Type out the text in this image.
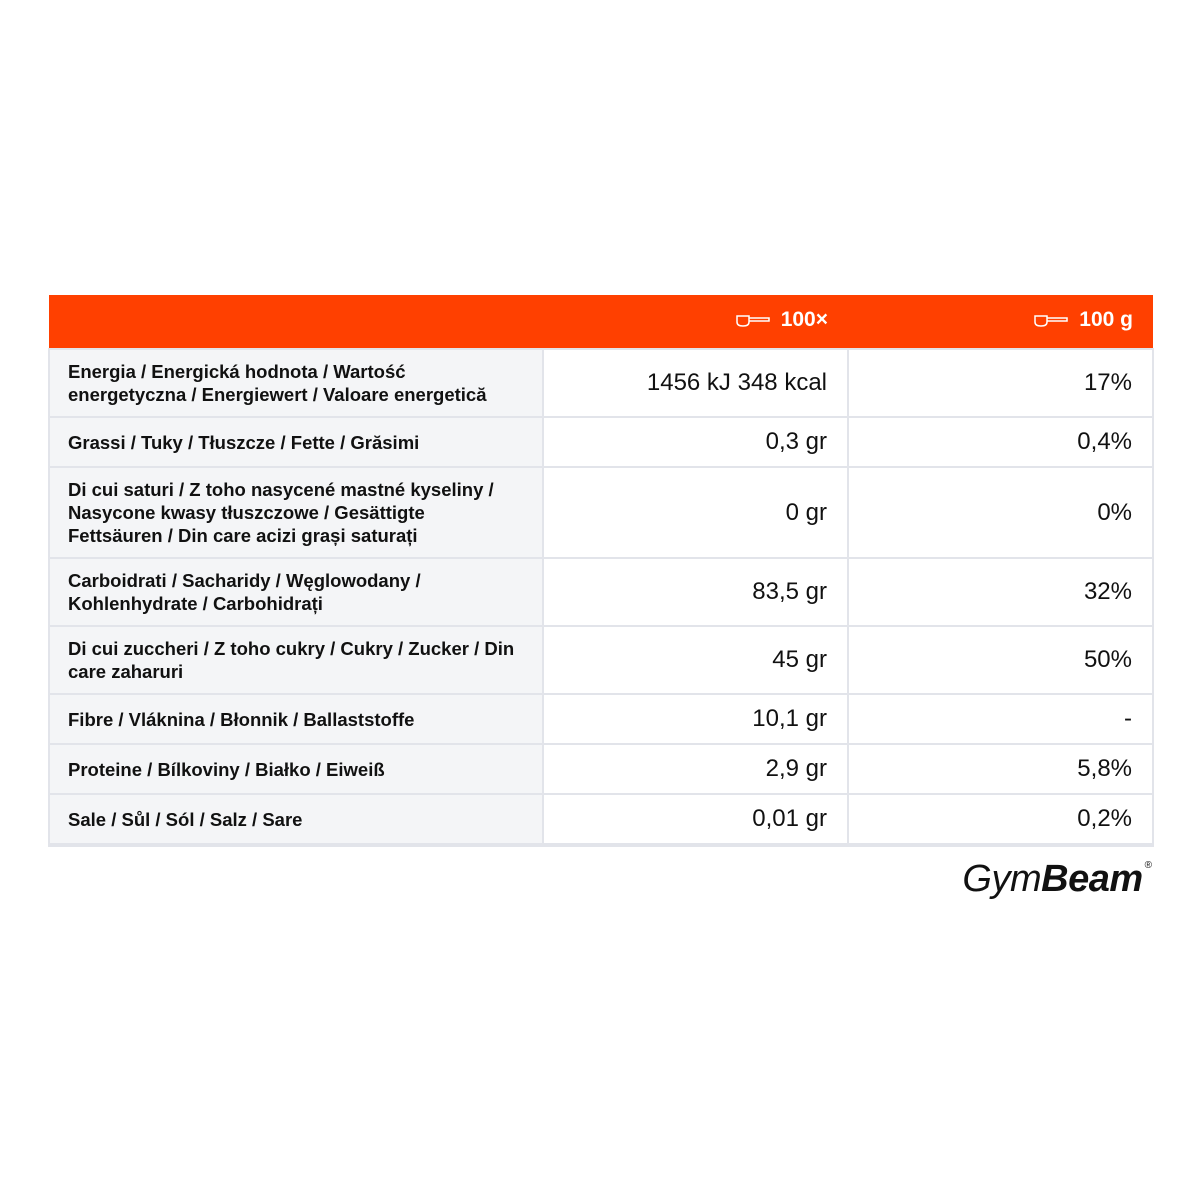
	100×	100 g

Energia / Energická hodnota / Wartość energetyczna / Energiewert / Valoare energetică	1456 kJ 348 kcal	17%
Grassi / Tuky / Tłuszcze / Fette / Grăsimi	0,3 gr	0,4%
Di cui saturi / Z toho nasycené mastné kyseliny / Nasycone kwasy tłuszczowe / Gesättigte Fettsäuren / Din care acizi grași saturați	0 gr	0%
Carboidrati / Sacharidy / Węglowodany / Kohlenhydrate / Carbohidrați	83,5 gr	32%
Di cui zuccheri / Z toho cukry / Cukry / Zucker / Din care zaharuri	45 gr	50%
Fibre / Vláknina / Błonnik / Ballaststoffe	10,1 gr	-
Proteine / Bílkoviny / Białko / Eiweiß	2,9 gr	5,8%
Sale / Sůl / Sól / Salz / Sare	0,01 gr	0,2%
Gym Beam ®
